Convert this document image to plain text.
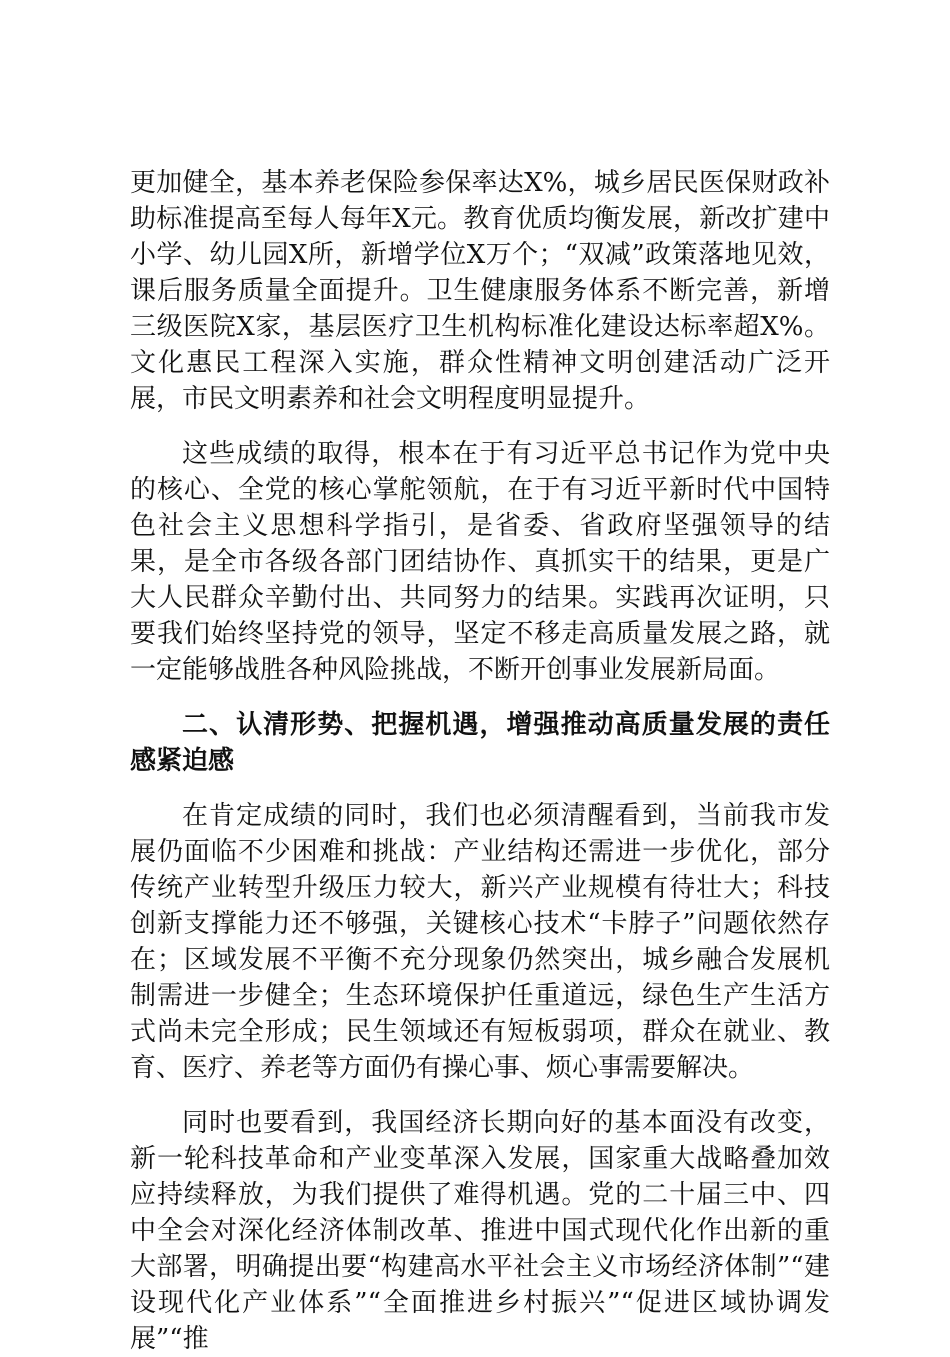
更加健全，基本养老保险参保率达X%，城乡居民医保财政补助标准提高至每人每年X元。教育优质均衡发展，新改扩建中小学、幼儿园X所，新增学位X万个；“双减”政策落地见效，课后服务质量全面提升。卫生健康服务体系不断完善，新增三级医院X家，基层医疗卫生机构标准化建设达标率超X%。文化惠民工程深入实施，群众性精神文明创建活动广泛开展，市民文明素养和社会文明程度明显提升。

这些成绩的取得，根本在于有习近平总书记作为党中央的核心、全党的核心掌舵领航，在于有习近平新时代中国特色社会主义思想科学指引，是省委、省政府坚强领导的结果，是全市各级各部门团结协作、真抓实干的结果，更是广大人民群众辛勤付出、共同努力的结果。实践再次证明，只要我们始终坚持党的领导，坚定不移走高质量发展之路，就一定能够战胜各种风险挑战，不断开创事业发展新局面。

二、认清形势、把握机遇，增强推动高质量发展的责任感紧迫感

在肯定成绩的同时，我们也必须清醒看到，当前我市发展仍面临不少困难和挑战：产业结构还需进一步优化，部分传统产业转型升级压力较大，新兴产业规模有待壮大；科技创新支撑能力还不够强，关键核心技术“卡脖子”问题依然存在；区域发展不平衡不充分现象仍然突出，城乡融合发展机制需进一步健全；生态环境保护任重道远，绿色生产生活方式尚未完全形成；民生领域还有短板弱项，群众在就业、教育、医疗、养老等方面仍有操心事、烦心事需要解决。

同时也要看到，我国经济长期向好的基本面没有改变，新一轮科技革命和产业变革深入发展，国家重大战略叠加效应持续释放，为我们提供了难得机遇。党的二十届三中、四中全会对深化经济体制改革、推进中国式现代化作出新的重大部署，明确提出要“构建高水平社会主义市场经济体制”“建设现代化产业体系”“全面推进乡村振兴”“促进区域协调发展”“推
